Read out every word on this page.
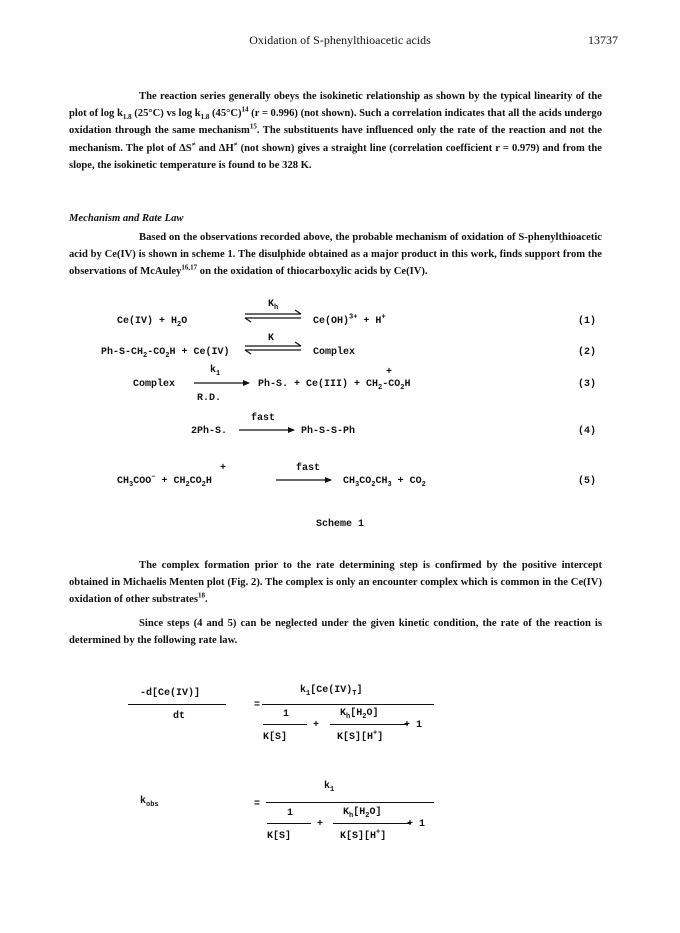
Oxidation of S-phenylthioacetic acids	13737
The reaction series generally obeys the isokinetic relationship as shown by the typical linearity of the plot of $\log k_{1.8}$ (25°C) vs $\log k_{1.8}$ $(45^\circ C)^{14}$ (r = 0.996) (not shown). Such a correlation indicates that all the acids undergo oxidation through the same mechanism$^{15}$. The substituents have influenced only the rate of the reaction and not the mechanism. The plot of ΔS≠ and ΔH≠ (not shown) gives a straight line (correlation coefficient r = 0.979) and from the slope, the isokinetic temperature is found to be 328 K.
Mechanism and Rate Law
Based on the observations recorded above, the probable mechanism of oxidation of S-phenylthioacetic acid by Ce(IV) is shown in scheme 1. The disulphide obtained as a major product in this work, finds support from the observations of McAuley$^{16,17}$ on the oxidation of thiocarboxylic acids by Ce(IV).
$Ce(IV) + H_2O$
$K_h$
Ce(OH)$^{3+}$ + H+	(1)
$Ph-S-CH_2-CO_2H + Ce(IV)$
K
Complex	(2)
Complex
$k_1$
R.D.
+
Ph-S. + $Ce(III) + CH_2-CO_2H$	(3)
2Ph-S.
fast
Ph-S-S-Ph	(4)
$CH_3COO^- + CH_2CO_2H$
+	fast
$CH_3CO_2CH_3 + CO_2$	(5)
Scheme 1
The complex formation prior to the rate determining step is confirmed by the positive intercept obtained in Michaelis Menten plot (Fig. 2). The complex is only an encounter complex which is common in the Ce(IV) oxidation of other substrates$^{18}$.
Since steps (4 and 5) can be neglected under the given kinetic condition, the rate of the reaction is determined by the following rate law.
-d[Ce(IV)]
dt
=
$k_1[Ce(IV)_T]$
1
K[S]
+
$K_h[H_2O]$
K[S][H+]
+ 1
$k_{obs}$	=
$k_1$
1
K[S]
+
$K_h[H_2O]$
K[S][H+]
+ 1
